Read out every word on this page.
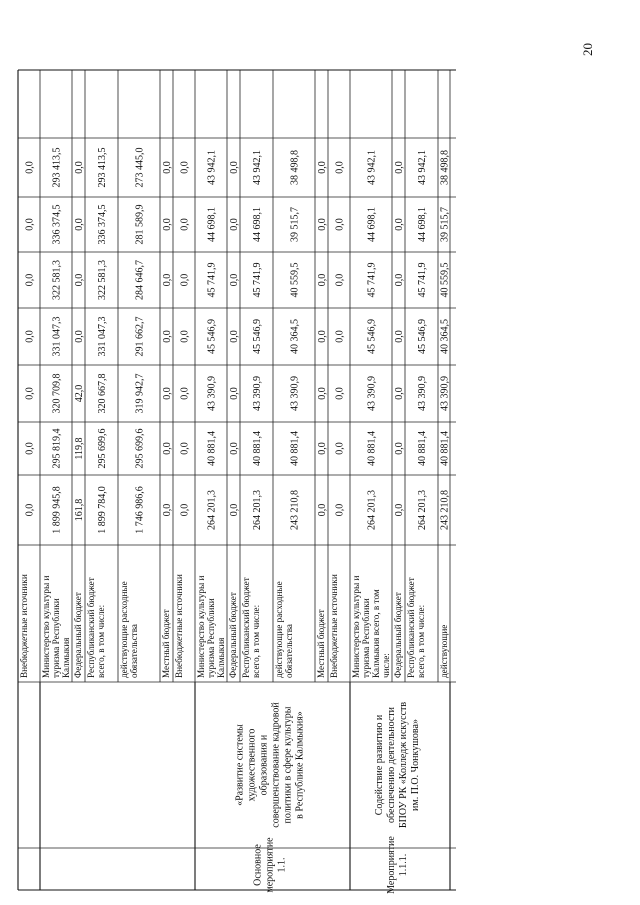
Внебюджетные источники
0,0
0,0
0,0
0,0
0,0
0,0
0,0
Министерство культуры итуризма РеспубликиКалмыкия
1 899 945,8
295 819,4
320 709,8
331 047,3
322 581,3
336 374,5
293 413,5
Федеральный бюджет
161,8
119,8
42,0
0,0
0,0
0,0
0,0
Республиканский бюджетвсего, в том числе:
1 899 784,0
295 699,6
320 667,8
331 047,3
322 581,3
336 374,5
293 413,5
действующие расходныеобязательства
1 746 986,6
295 699,6
319 942,7
291 662,7
284 646,7
281 589,9
273 445,0
Местный бюджет
0,0
0,0
0,0
0,0
0,0
0,0
0,0
Внебюджетные источники
0,0
0,0
0,0
0,0
0,0
0,0
0,0
Министерство культуры итуризма РеспубликиКалмыкия
264 201,3
40 881,4
43 390,9
45 546,9
45 741,9
44 698,1
43 942,1
Федеральный бюджет
0,0
0,0
0,0
0,0
0,0
0,0
0,0
Республиканский бюджетвсего, в том числе:
264 201,3
40 881,4
43 390,9
45 546,9
45 741,9
44 698,1
43 942,1
действующие расходныеобязательства
243 210,8
40 881,4
43 390,9
40 364,5
40 559,5
39 515,7
38 498,8
Местный бюджет
0,0
0,0
0,0
0,0
0,0
0,0
0,0
Внебюджетные источники
0,0
0,0
0,0
0,0
0,0
0,0
0,0
Основноемероприятие1.1.
«Развитие системыхудожественногообразования исовершенствование кадровойполитики в сфере культурыв Республике Калмыкия»
Министерство культуры итуризма РеспубликиКалмыкия всего, в томчисле:
264 201,3
40 881,4
43 390,9
45 546,9
45 741,9
44 698,1
43 942,1
Федеральный бюджет
0,0
0,0
0,0
0,0
0,0
0,0
0,0
Республиканский бюджетвсего, в том числе:
264 201,3
40 881,4
43 390,9
45 546,9
45 741,9
44 698,1
43 942,1
действующие
243 210,8
40 881,4
43 390,9
40 364,5
40 559,5
39 515,7
38 498,8
Мероприятие1.1.1.
Содействие развитию иобеспечению деятельностиБПОУ РК «Колледж искусствим. П.О. Чонкушова»
20
